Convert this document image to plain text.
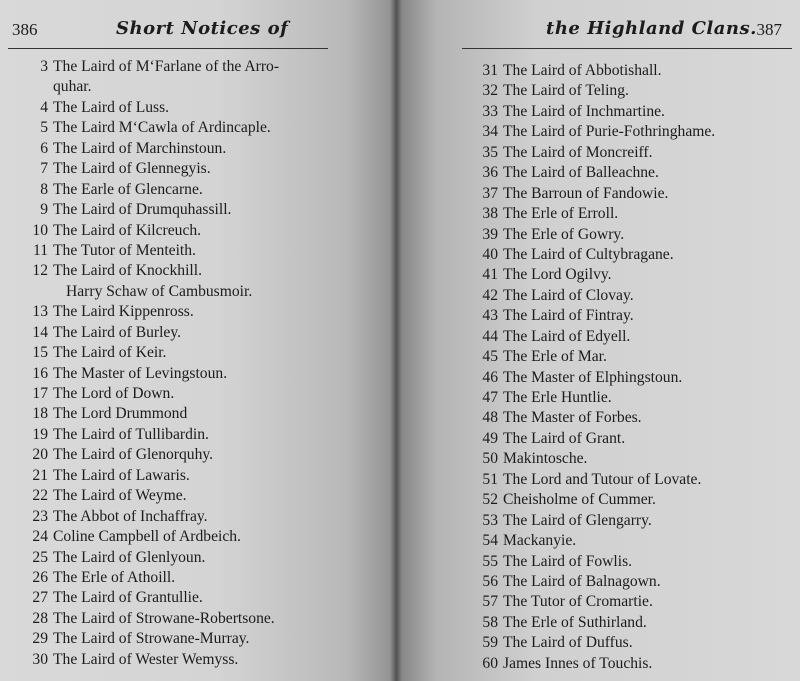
386	Short Notices of
3 The Laird of M‘Farlane of the Arro-
quhar.
4 The Laird of Luss.
5 The Laird M‘Cawla of Ardincaple.
6 The Laird of Marchinstoun.
7 The Laird of Glennegyis.
8 The Earle of Glencarne.
9 The Laird of Drumquhassill.
10 The Laird of Kilcreuch.
11 The Tutor of Menteith.
12 The Laird of Knockhill.
Harry Schaw of Cambusmoir.
13 The Laird Kippenross.
14 The Laird of Burley.
15 The Laird of Keir.
16 The Master of Levingstoun.
17 The Lord of Down.
18 The Lord Drummond
19 The Laird of Tullibardin.
20 The Laird of Glenorquhy.
21 The Laird of Lawaris.
22 The Laird of Weyme.
23 The Abbot of Inchaffray.
24 Coline Campbell of Ardbeich.
25 The Laird of Glenlyoun.
26 The Erle of Athoill.
27 The Laird of Grantullie.
28 The Laird of Strowane-Robertsone.
29 The Laird of Strowane-Murray.
30 The Laird of Wester Wemyss.
the Highland Clans. 387
31 The Laird of Abbotishall.
32 The Laird of Teling.
33 The Laird of Inchmartine.
34 The Laird of Purie-Fothringhame.
35 The Laird of Moncreiff.
36 The Laird of Balleachne.
37 The Barroun of Fandowie.
38 The Erle of Erroll.
39 The Erle of Gowry.
40 The Laird of Cultybragane.
41 The Lord Ogilvy.
42 The Laird of Clovay.
43 The Laird of Fintray.
44 The Laird of Edyell.
45 The Erle of Mar.
46 The Master of Elphingstoun.
47 The Erle Huntlie.
48 The Master of Forbes.
49 The Laird of Grant.
50 Makintosche.
51 The Lord and Tutour of Lovate.
52 Cheisholme of Cummer.
53 The Laird of Glengarry.
54 Mackanyie.
55 The Laird of Fowlis.
56 The Laird of Balnagown.
57 The Tutor of Cromartie.
58 The Erle of Suthirland.
59 The Laird of Duffus.
60 James Innes of Touchis.
